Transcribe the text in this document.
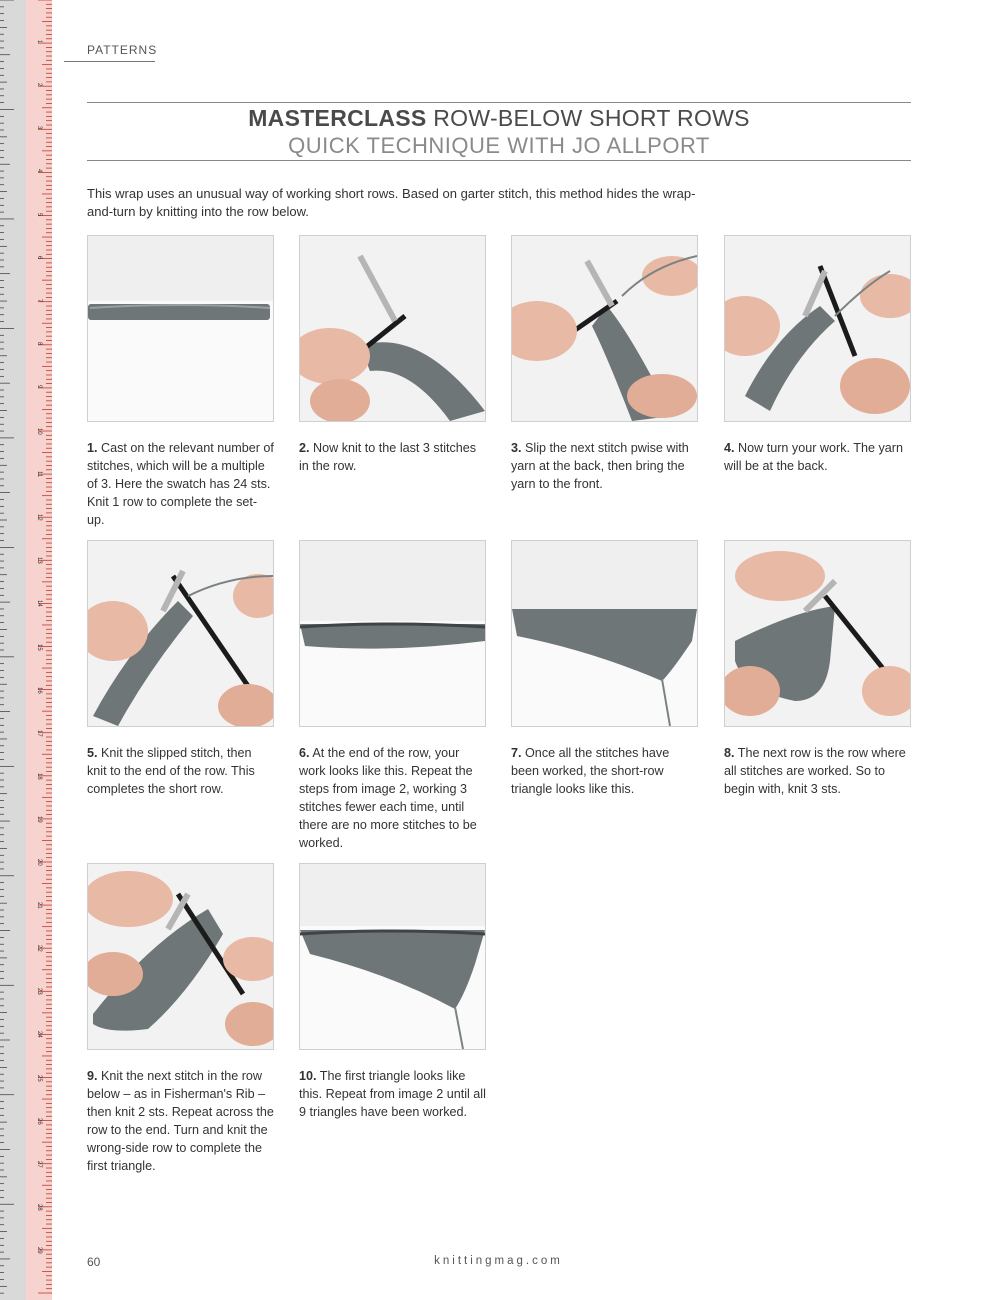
1
2
3
4
5
6
7
8
9
10
11
12
13
14
15
16
17
18
19
20
21
22
23
24
25
26
27
28
29
PATTERNS
MASTERCLASS ROW-BELOW SHORT ROWS
QUICK TECHNIQUE WITH JO ALLPORT
This wrap uses an unusual way of working short rows. Based on garter stitch, this method hides the wrap-and-turn by knitting into the row below.
1. Cast on the relevant number of stitches, which will be a multiple of 3. Here the swatch has 24 sts. Knit 1 row to complete the set-up.
2. Now knit to the last 3 stitches in the row.
3. Slip the next stitch pwise with yarn at the back, then bring the yarn to the front.
4. Now turn your work. The yarn will be at the back.
5. Knit the slipped stitch, then knit to the end of the row. This completes the short row.
6. At the end of the row, your work looks like this. Repeat the steps from image 2, working 3 stitches fewer each time, until there are no more stitches to be worked.
7. Once all the stitches have been worked, the short-row triangle looks like this.
8. The next row is the row where all stitches are worked. So to begin with, knit 3 sts.
9. Knit the next stitch in the row below – as in Fisherman's Rib – then knit 2 sts. Repeat across the row to the end. Turn and knit the wrong-side row to complete the first triangle.
10. The first triangle looks like this. Repeat from image 2 until all 9 triangles have been worked.
60	knittingmag.com
